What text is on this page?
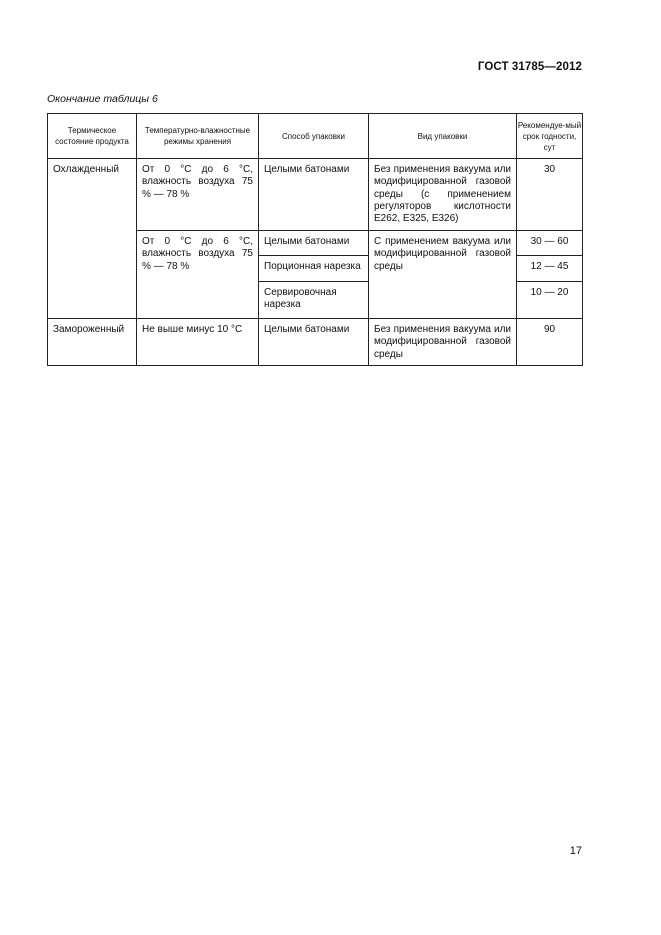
ГОСТ 31785—2012
Окончание таблицы 6
Термическое состояние продукта	Температурно-влажностные режимы хранения	Способ упаковки	Вид упаковки	Рекомендуе-мый срок годности, сут

Охлажденный	От 0 °С до 6 °С, влажность воздуха 75 % — 78 %	Целыми батонами	Без применения вакуума или модифицированной газовой среды (с применением регуляторов кислотности Е262, Е325, Е326)	30

	От 0 °С до 6 °С, влажность воздуха 75 % — 78 %	Целыми батонами	С применением вакуума или модифицированной газовой среды	30 — 60

		Порционная нарезка		12 — 45

		Сервировочная нарезка		10 — 20

Замороженный	Не выше минус 10 °С	Целыми батонами	Без применения вакуума или модифицированной газовой среды	90
17
